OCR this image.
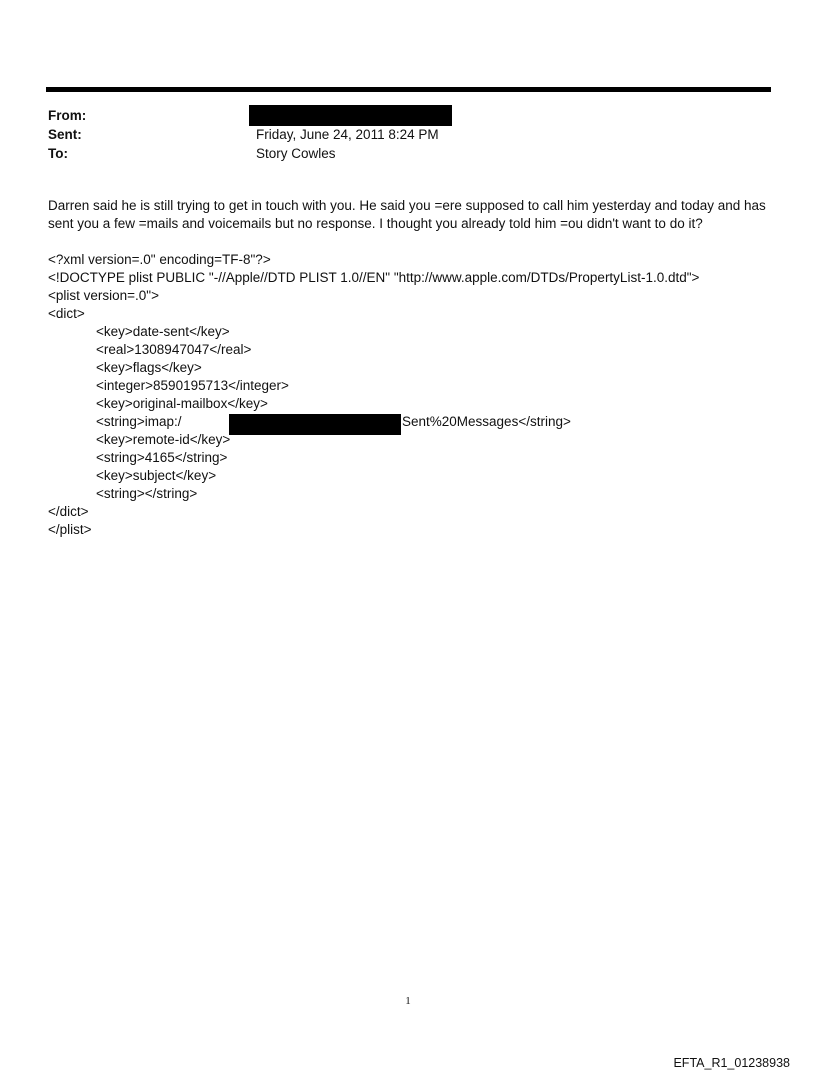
From:
Sent:	Friday, June 24, 2011 8:24 PM
To:	Story Cowles

Darren said he is still trying to get in touch with you. He said you =ere supposed to call him yesterday and today and has sent you a few =mails and voicemails but no response. I thought you already told him =ou didn't want to do it?

<?xml version=.0" encoding=TF-8"?>
<!DOCTYPE plist PUBLIC "-//Apple//DTD PLIST 1.0//EN" "http://www.apple.com/DTDs/PropertyList-1.0.dtd">
<plist version=.0">
<dict>
<key>date-sent</key>
<real>1308947047</real>
<key>flags</key>
<integer>8590195713</integer>
<key>original-mailbox</key>
<string>imap:/	Sent%20Messages</string>
<key>remote-id</key>
<string>4165</string>
<key>subject</key>
<string></string>
</dict>
</plist>
1
EFTA_R1_01238938
